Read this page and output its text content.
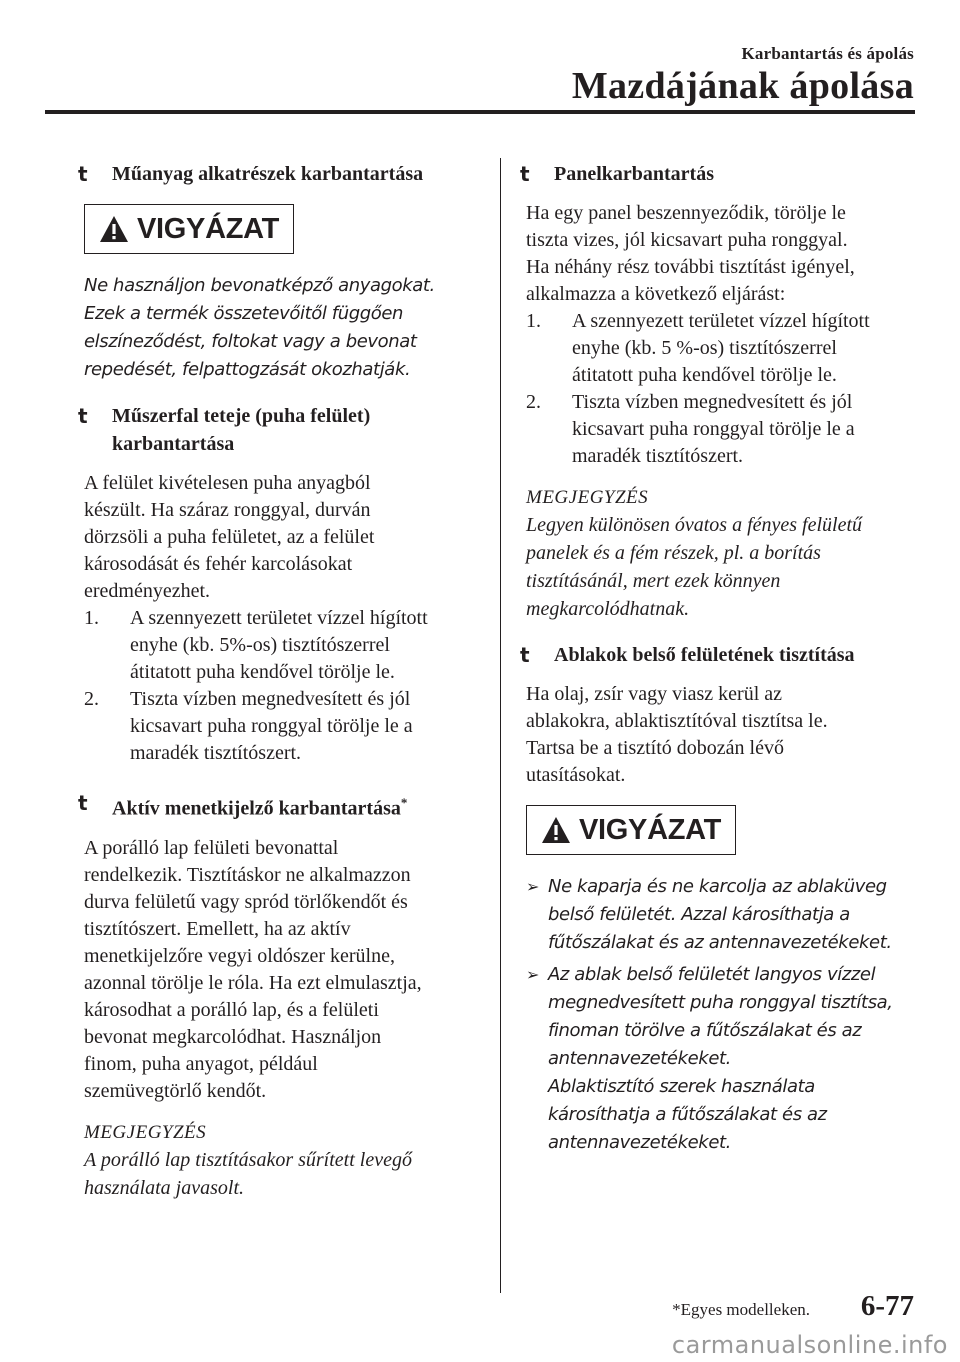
Karbantartás és ápolás
Mazdájának ápolása
t Műanyag alkatrészek karbantartása
VIGYÁZAT
Ne használjon bevonatképző anyagokat.
Ezek a termék összetevőitől függően
elszíneződést, foltokat vagy a bevonat
repedését, felpattogzását okozhatják.
t Műszerfal teteje (puha felület)
karbantartása
A felület kivételesen puha anyagból
készült. Ha száraz ronggyal, durván
dörzsöli a puha felületet, az a felület
károsodását és fehér karcolásokat
eredményezhet.
1. A szennyezett területet vízzel hígított
enyhe (kb. 5%-os) tisztítószerrel
átitatott puha kendővel törölje le.
2. Tiszta vízben megnedvesített és jól
kicsavart puha ronggyal törölje le a
maradék tisztítószert.
t Aktív menetkijelző karbantartása*
A porálló lap felületi bevonattal
rendelkezik. Tisztításkor ne alkalmazzon
durva felületű vagy spród törlőkendőt és
tisztítószert. Emellett, ha az aktív
menetkijelzőre vegyi oldószer kerülne,
azonnal törölje le róla. Ha ezt elmulasztja,
károsodhat a porálló lap, és a felületi
bevonat megkarcolódhat. Használjon
finom, puha anyagot, például
szemüvegtörlő kendőt.
MEGJEGYZÉS
A porálló lap tisztításakor sűrített levegő
használata javasolt.
t Panelkarbantartás
Ha egy panel beszennyeződik, törölje le
tiszta vizes, jól kicsavart puha ronggyal.
Ha néhány rész további tisztítást igényel,
alkalmazza a következő eljárást:
1. A szennyezett területet vízzel hígított
enyhe (kb. 5 %-os) tisztítószerrel
átitatott puha kendővel törölje le.
2. Tiszta vízben megnedvesített és jól
kicsavart puha ronggyal törölje le a
maradék tisztítószert.
MEGJEGYZÉS
Legyen különösen óvatos a fényes felületű
panelek és a fém részek, pl. a borítás
tisztításánál, mert ezek könnyen
megkarcolódhatnak.
t Ablakok belső felületének tisztítása
Ha olaj, zsír vagy viasz kerül az
ablakokra, ablaktisztítóval tisztítsa le.
Tartsa be a tisztító dobozán lévő
utasításokat.
VIGYÁZAT
➢ Ne kaparja és ne karcolja az ablaküveg
belső felületét. Azzal károsíthatja a
fűtőszálakat és az antennavezetékeket.
➢ Az ablak belső felületét langyos vízzel
megnedvesített puha ronggyal tisztítsa,
finoman törölve a fűtőszálakat és az
antennavezetékeket.
Ablaktisztító szerek használata
károsíthatja a fűtőszálakat és az
antennavezetékeket.
*Egyes modelleken. 6-77
carmanualsonline.info
